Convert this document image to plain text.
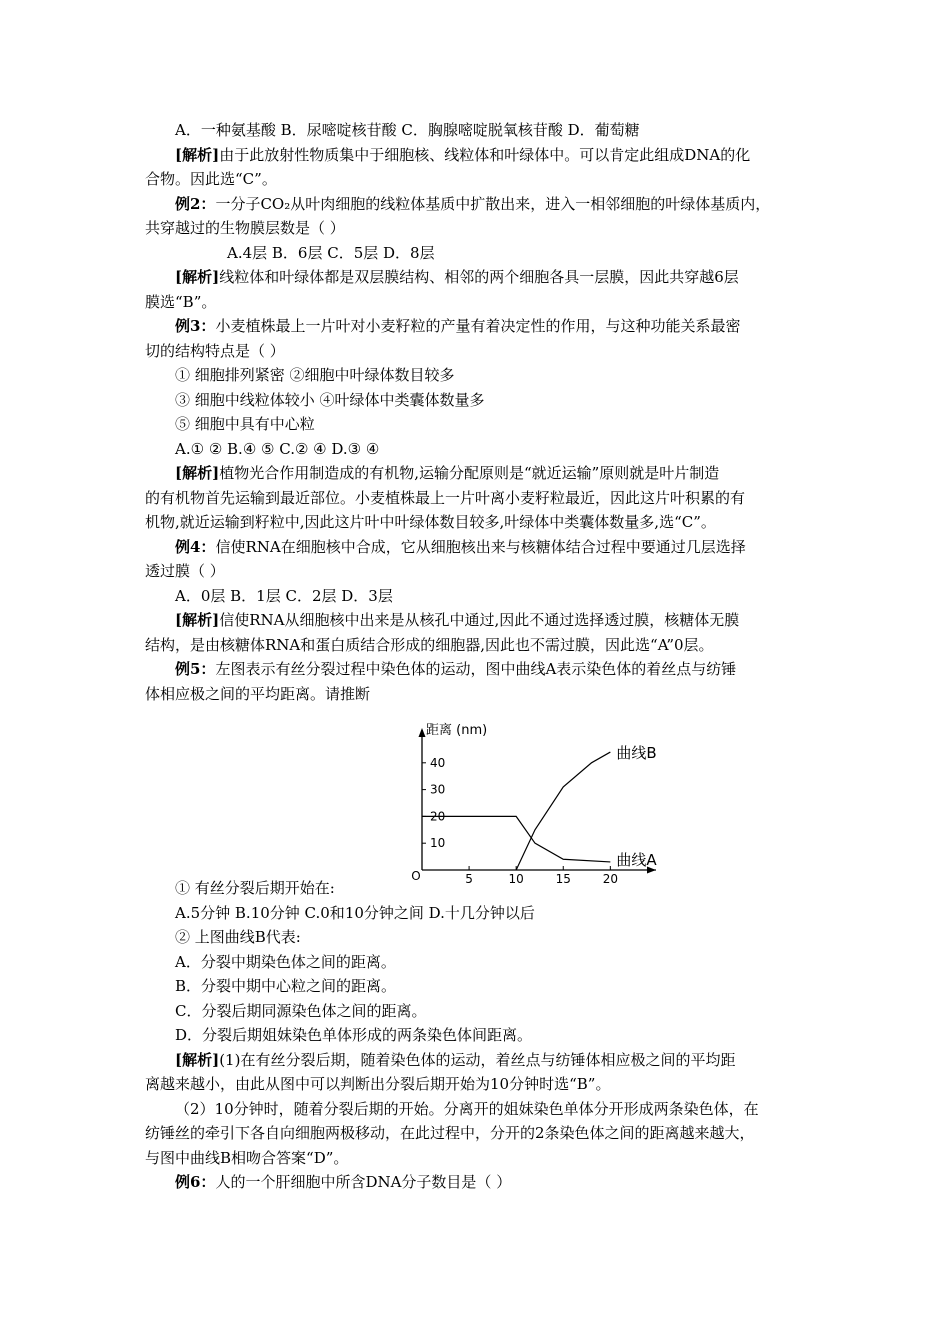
A．一种氨基酸 B．尿嘧啶核苷酸 C．胸腺嘧啶脱氧核苷酸 D．葡萄糖

[解析]由于此放射性物质集中于细胞核、线粒体和叶绿体中。可以肯定此组成DNA的化

合物。因此选“C”。

例2：一分子CO₂从叶肉细胞的线粒体基质中扩散出来，进入一相邻细胞的叶绿体基质内，

共穿越过的生物膜层数是（ ）

A.4层 B．6层 C．5层 D．8层

[解析]线粒体和叶绿体都是双层膜结构、相邻的两个细胞各具一层膜，因此共穿越6层

膜选“B”。

例3：小麦植株最上一片叶对小麦籽粒的产量有着决定性的作用，与这种功能关系最密

切的结构特点是（ ）

① 细胞排列紧密 ②细胞中叶绿体数目较多

③ 细胞中线粒体较小 ④叶绿体中类囊体数量多

⑤ 细胞中具有中心粒

A.① ② B.④ ⑤ C.② ④ D.③ ④

[解析]植物光合作用制造成的有机物,运输分配原则是“就近运输”原则就是叶片制造

的有机物首先运输到最近部位。小麦植株最上一片叶离小麦籽粒最近，因此这片叶积累的有

机物,就近运输到籽粒中,因此这片叶中叶绿体数目较多,叶绿体中类囊体数量多,选“C”。

例4：信使RNA在细胞核中合成，它从细胞核出来与核糖体结合过程中要通过几层选择

透过膜（ ）

A．0层 B．1层 C．2层 D．3层

[解析]信使RNA从细胞核中出来是从核孔中通过,因此不通过选择透过膜，核糖体无膜

结构，是由核糖体RNA和蛋白质结合形成的细胞器,因此也不需过膜，因此选“A”0层。

例5：左图表示有丝分裂过程中染色体的运动，图中曲线A表示染色体的着丝点与纺锤

体相应极之间的平均距离。请推断

① 有丝分裂后期开始在:

A.5分钟 B.10分钟 C.0和10分钟之间 D.十几分钟以后

② 上图曲线B代表:

A．分裂中期染色体之间的距离。

B．分裂中期中心粒之间的距离。

C．分裂后期同源染色体之间的距离。

D．分裂后期姐妹染色单体形成的两条染色体间距离。

[解析](1)在有丝分裂后期，随着染色体的运动，着丝点与纺锤体相应极之间的平均距

离越来越小，由此从图中可以判断出分裂后期开始为10分钟时选“B”。

（2）10分钟时，随着分裂后期的开始。分离开的姐妹染色单体分开形成两条染色体，在

纺锤丝的牵引下各自向细胞两极移动，在此过程中，分开的2条染色体之间的距离越来越大，

与图中曲线B相吻合答案“D”。

例6：人的一个肝细胞中所含DNA分子数目是（ ）

距离 (nm)
O	5	10	15	20
10
20
30
40
曲线A
曲线B
